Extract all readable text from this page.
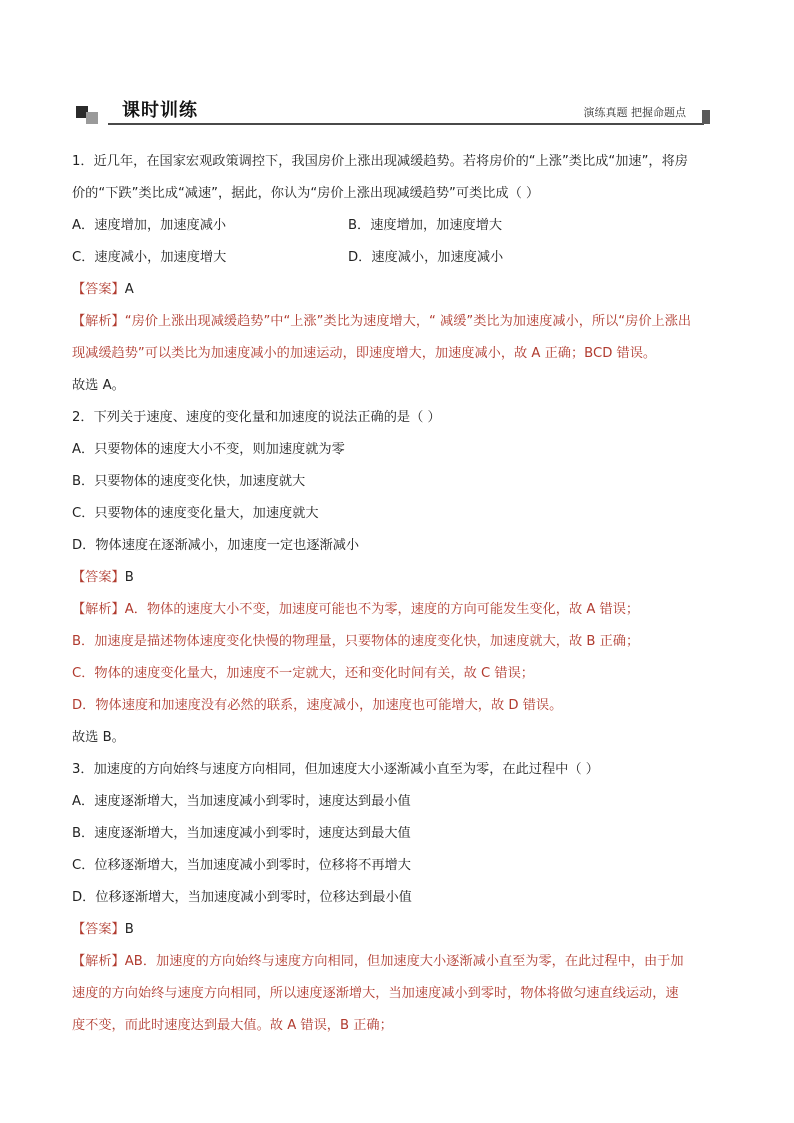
课时训练	演练真题 把握命题点
1．近几年，在国家宏观政策调控下，我国房价上涨出现减缓趋势。若将房价的“上涨”类比成“加速”，将房
价的“下跌”类比成“减速”，据此，你认为“房价上涨出现减缓趋势”可类比成（ ）
A．速度增加，加速度减小	B．速度增加，加速度增大
C．速度减小，加速度增大	D．速度减小，加速度减小
【答案】A
【解析】“房价上涨出现减缓趋势”中“上涨”类比为速度增大，“ 减缓”类比为加速度减小，所以“房价上涨出
现减缓趋势”可以类比为加速度减小的加速运动，即速度增大，加速度减小，故 A 正确；BCD 错误。
故选 A。
2．下列关于速度、速度的变化量和加速度的说法正确的是（ ）
A．只要物体的速度大小不变，则加速度就为零
B．只要物体的速度变化快，加速度就大
C．只要物体的速度变化量大，加速度就大
D．物体速度在逐渐减小，加速度一定也逐渐减小
【答案】B
【解析】A．物体的速度大小不变，加速度可能也不为零，速度的方向可能发生变化，故 A 错误；
B．加速度是描述物体速度变化快慢的物理量，只要物体的速度变化快，加速度就大，故 B 正确；
C．物体的速度变化量大，加速度不一定就大，还和变化时间有关，故 C 错误；
D．物体速度和加速度没有必然的联系，速度减小，加速度也可能增大，故 D 错误。
故选 B。
3．加速度的方向始终与速度方向相同，但加速度大小逐渐减小直至为零，在此过程中（ ）
A．速度逐渐增大，当加速度减小到零时，速度达到最小值
B．速度逐渐增大，当加速度减小到零时，速度达到最大值
C．位移逐渐增大，当加速度减小到零时，位移将不再增大
D．位移逐渐增大，当加速度减小到零时，位移达到最小值
【答案】B
【解析】AB．加速度的方向始终与速度方向相同，但加速度大小逐渐减小直至为零，在此过程中，由于加
速度的方向始终与速度方向相同，所以速度逐渐增大，当加速度减小到零时，物体将做匀速直线运动，速
度不变，而此时速度达到最大值。故 A 错误，B 正确；
